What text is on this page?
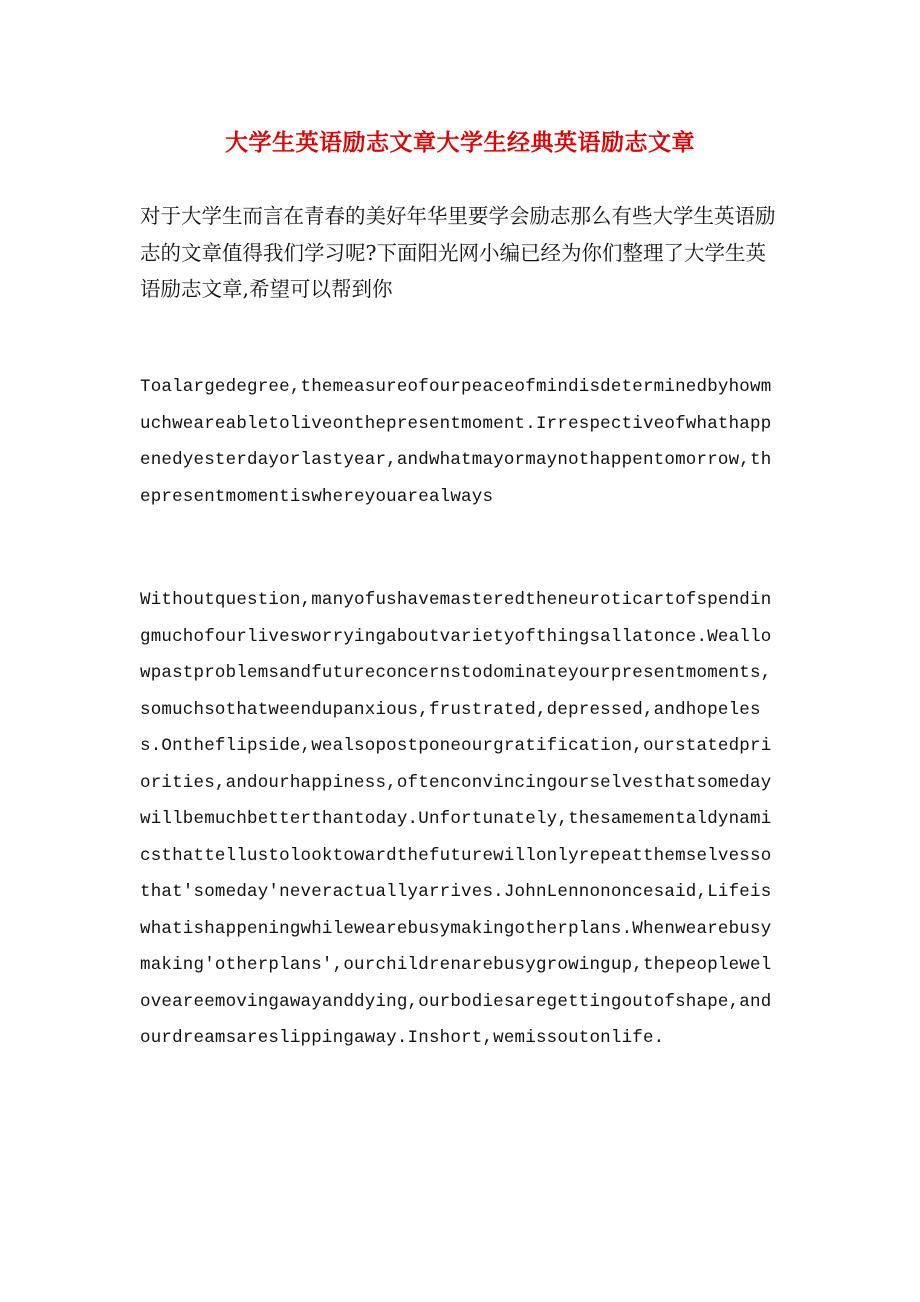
大学生英语励志文章大学生经典英语励志文章

对于大学生而言在青春的美好年华里要学会励志那么有些大学生英语励志的文章值得我们学习呢?下面阳光网小编已经为你们整理了大学生英语励志文章,希望可以帮到你

Toalargedegree,themeasureofourpeaceofmindisdeterminedbyhowmuchweareabletoliveonthepresentmoment.Irrespectiveofwhathappenedyesterdayorlastyear,andwhatmayormaynothappentomorrow,thepresentmomentiswhereyouarealways

Withoutquestion,manyofushavemasteredtheneuroticartofspendingmuchofourlivesworryingaboutvarietyofthingsallatonce.Weallowpastproblemsandfutureconcernstodominateyourpresentmoments,somuchsothatweendupanxious,frustrated,depressed,andhopeless.Ontheflipside,wealsopostponeourgratification,ourstatedpriorities,andourhappiness,oftenconvincingourselvesthatsomedaywillbemuchbetterthantoday.Unfortunately,thesamementaldynamicsthattellustolooktowardthefuturewillonlyrepeatthemselvessothat'someday'neveractuallyarrives.JohnLennononcesaid,Lifeiswhatishappeningwhilewearebusymakingotherplans.Whenwearebusymaking'otherplans',ourchildrenarebusygrowingup,thepeopleweloveareemovingawayanddying,ourbodiesaregettingoutofshape,andourdreamsareslippingaway.Inshort,wemissoutonlife.
